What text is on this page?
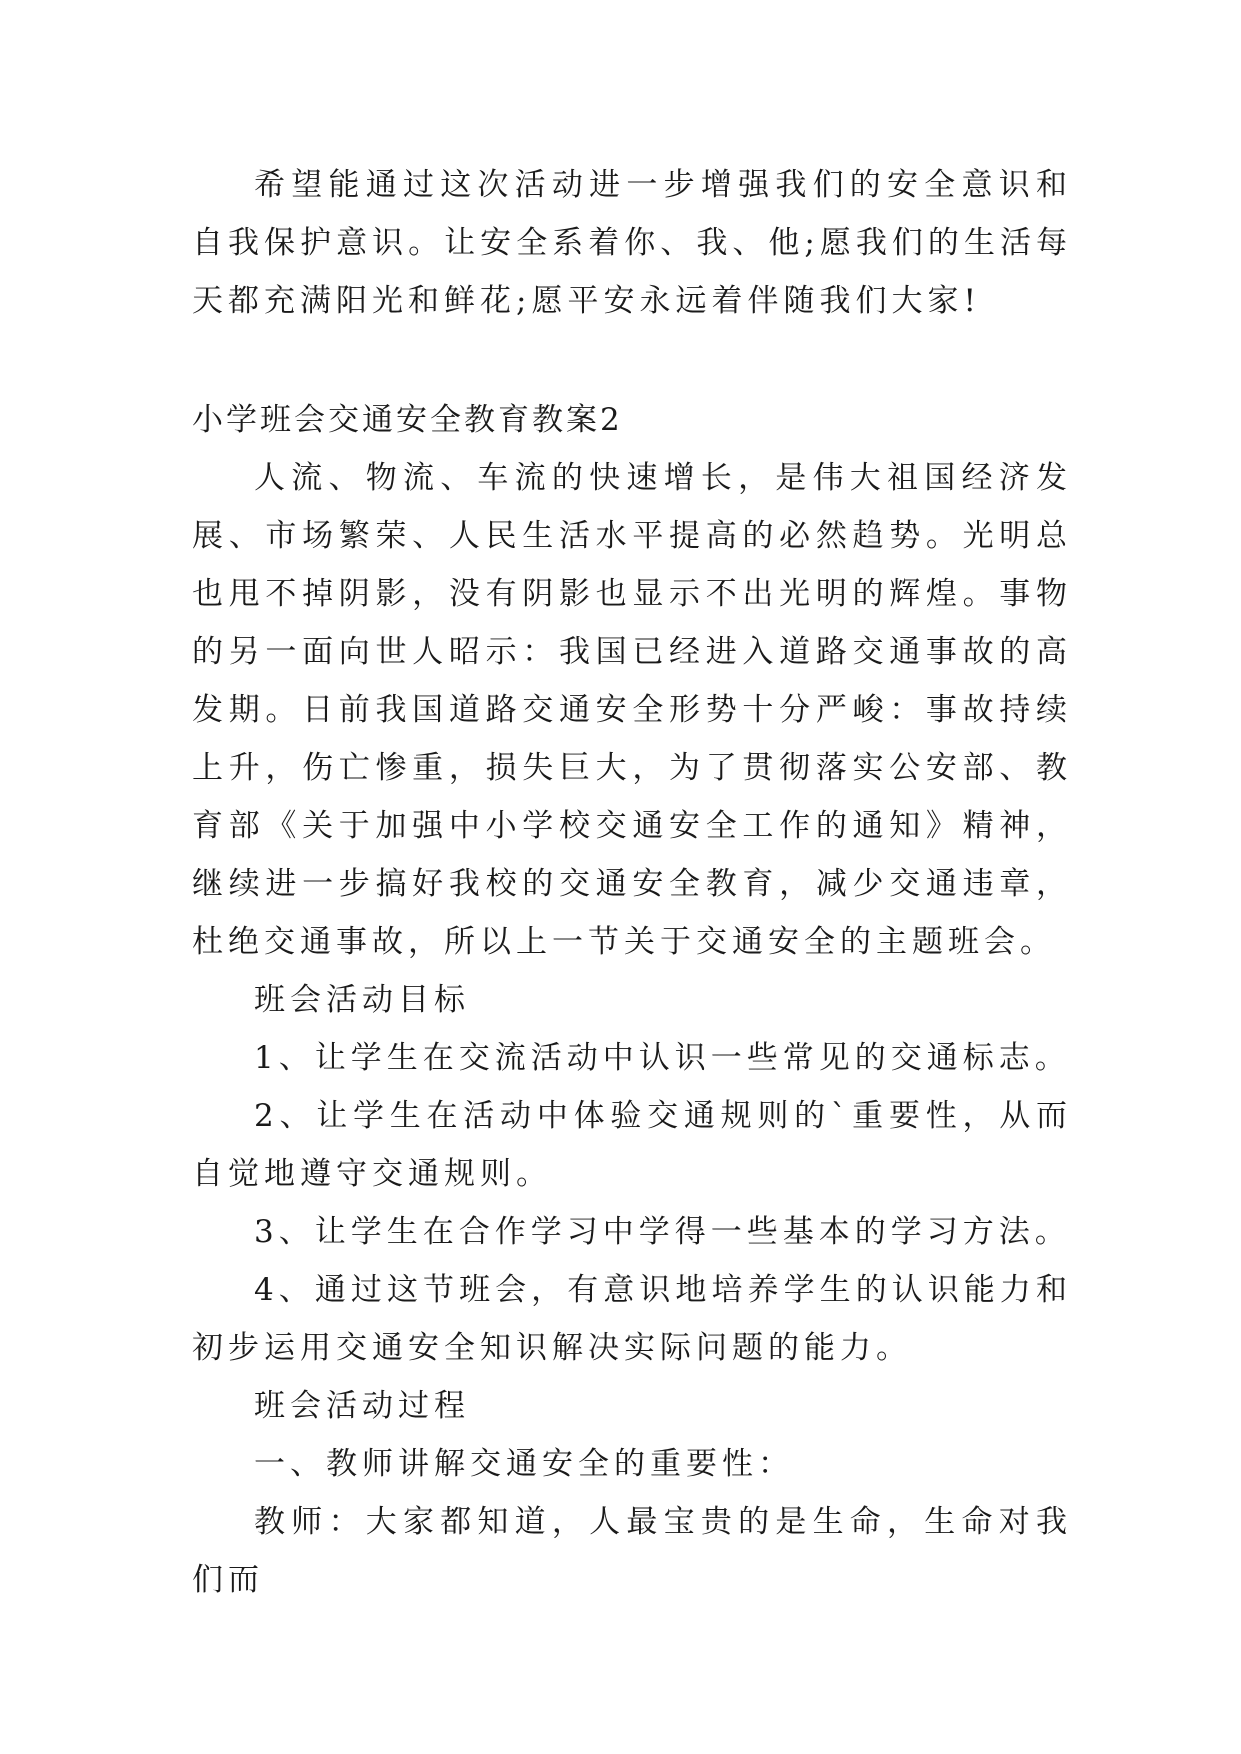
希望能通过这次活动进一步增强我们的安全意识和自我保护意识。让安全系着你、我、他;愿我们的生活每天都充满阳光和鲜花;愿平安永远着伴随我们大家!

小学班会交通安全教育教案2

人流、物流、车流的快速增长，是伟大祖国经济发展、市场繁荣、人民生活水平提高的必然趋势。光明总也甩不掉阴影，没有阴影也显示不出光明的辉煌。事物的另一面向世人昭示：我国已经进入道路交通事故的高发期。日前我国道路交通安全形势十分严峻：事故持续上升，伤亡惨重，损失巨大，为了贯彻落实公安部、教育部《关于加强中小学校交通安全工作的通知》精神，继续进一步搞好我校的交通安全教育，减少交通违章，杜绝交通事故，所以上一节关于交通安全的主题班会。

班会活动目标

1、让学生在交流活动中认识一些常见的交通标志。

2、让学生在活动中体验交通规则的`重要性，从而自觉地遵守交通规则。

3、让学生在合作学习中学得一些基本的学习方法。

4、通过这节班会，有意识地培养学生的认识能力和初步运用交通安全知识解决实际问题的能力。

班会活动过程

一、教师讲解交通安全的重要性：

教师：大家都知道，人最宝贵的是生命，生命对我们而
